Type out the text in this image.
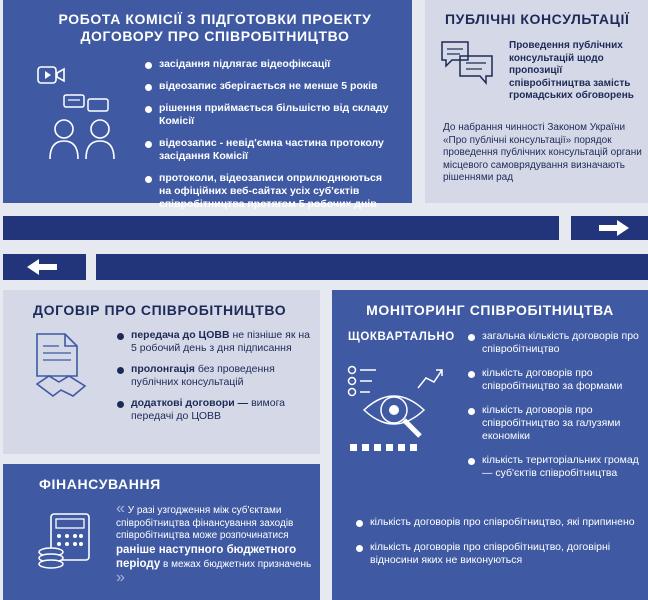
РОБОТА КОМІСІЇ З ПІДГОТОВКИ ПРОЕКТУ ДОГОВОРУ ПРО СПІВРОБІТНИЦТВО
засідання підлягає відеофіксації
відеозапис зберігається не менше 5 років
рішення приймається більшістю від складу Комісії
відеозапис - невід'ємна частина протоколу засідання Комісії
протоколи, відеозаписи оприлюднюються на офіційних веб-сайтах усіх суб'єктів співробітництва протягом 5 робочих днів
ПУБЛІЧНІ КОНСУЛЬТАЦІЇ
Проведення публічних консультацій щодо пропозиції співробітництва замість громадських обговорень
До набрання чинності Законом України «Про публічні консультації» порядок проведення публічних консультацій органи місцевого самоврядування визначають рішеннями рад
ДОГОВІР ПРО СПІВРОБІТНИЦТВО
передача до ЦОВВ не пізніше як на 5 робочий день з дня підписання
пролонгація без проведення публічних консультацій
додаткові договори — вимога передачі до ЦОВВ
ФІНАНСУВАННЯ
« У разі узгодження між суб'єктами співробітництва фінансування заходів співробітництва може розпочинатися раніше наступного бюджетного періоду в межах бюджетних призначень »
МОНІТОРИНГ СПІВРОБІТНИЦТВА
ЩОКВАРТАЛЬНО	загальна кількість договорів про співробітництво
кількість договорів про співробітництво за формами
кількість договорів про співробітництво за галузями економіки
кількість територіальних громад — суб'єктів співробітництва
кількість договорів про співробітництво, які припинено
кількість договорів про співробітництво, договірні відносини яких не виконуються
